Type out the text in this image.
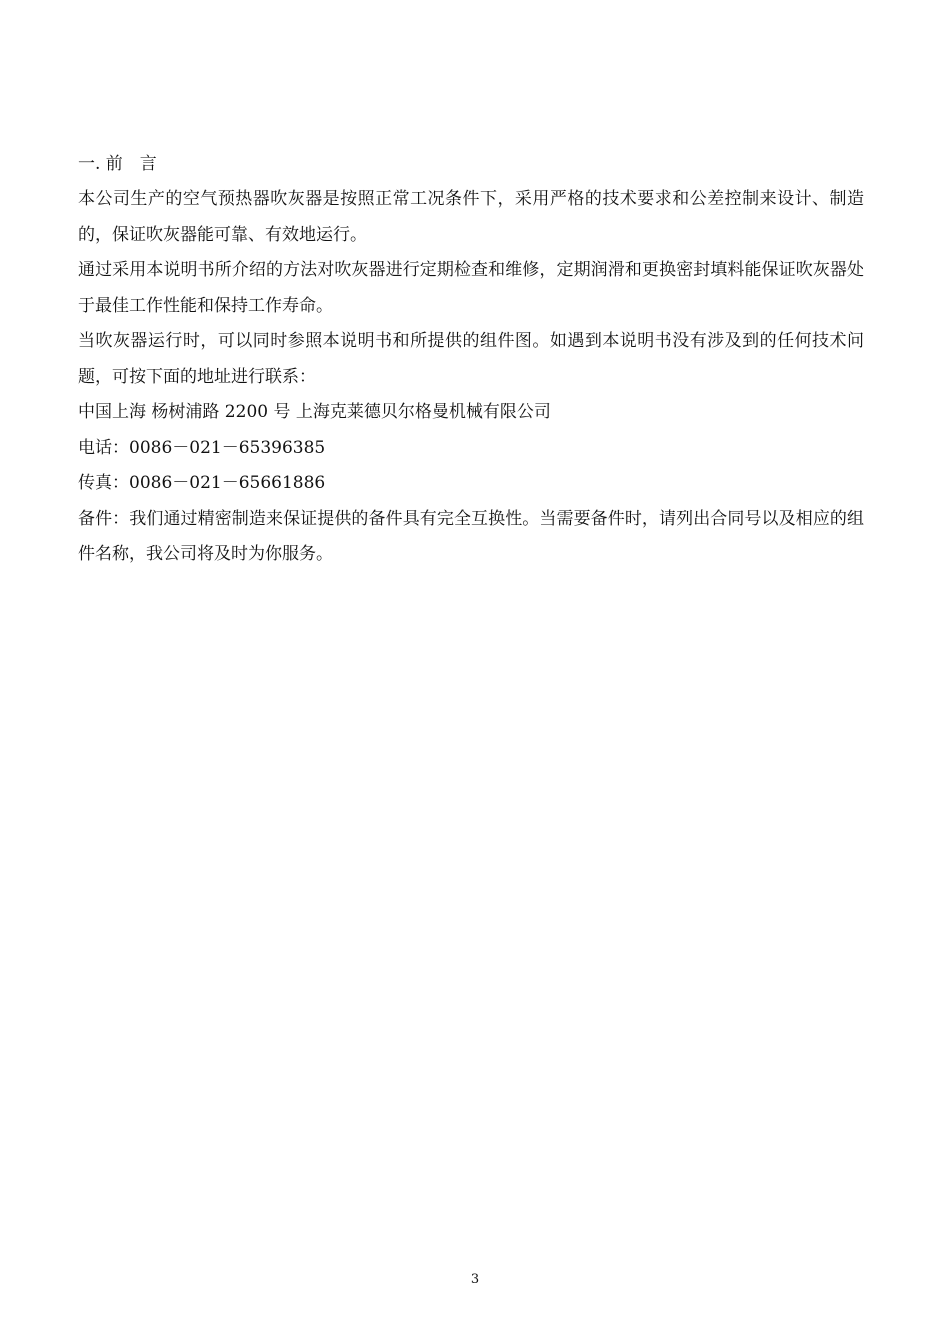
一. 前　言

本公司生产的空气预热器吹灰器是按照正常工况条件下，采用严格的技术要求和公差控制来设计、制造的，保证吹灰器能可靠、有效地运行。

通过采用本说明书所介绍的方法对吹灰器进行定期检查和维修，定期润滑和更换密封填料能保证吹灰器处于最佳工作性能和保持工作寿命。

当吹灰器运行时，可以同时参照本说明书和所提供的组件图。如遇到本说明书没有涉及到的任何技术问题，可按下面的地址进行联系：

中国上海 杨树浦路 2200 号 上海克莱德贝尔格曼机械有限公司

电话：0086－021－65396385

传真：0086－021－65661886

备件：我们通过精密制造来保证提供的备件具有完全互换性。当需要备件时，请列出合同号以及相应的组件名称，我公司将及时为你服务。

3
